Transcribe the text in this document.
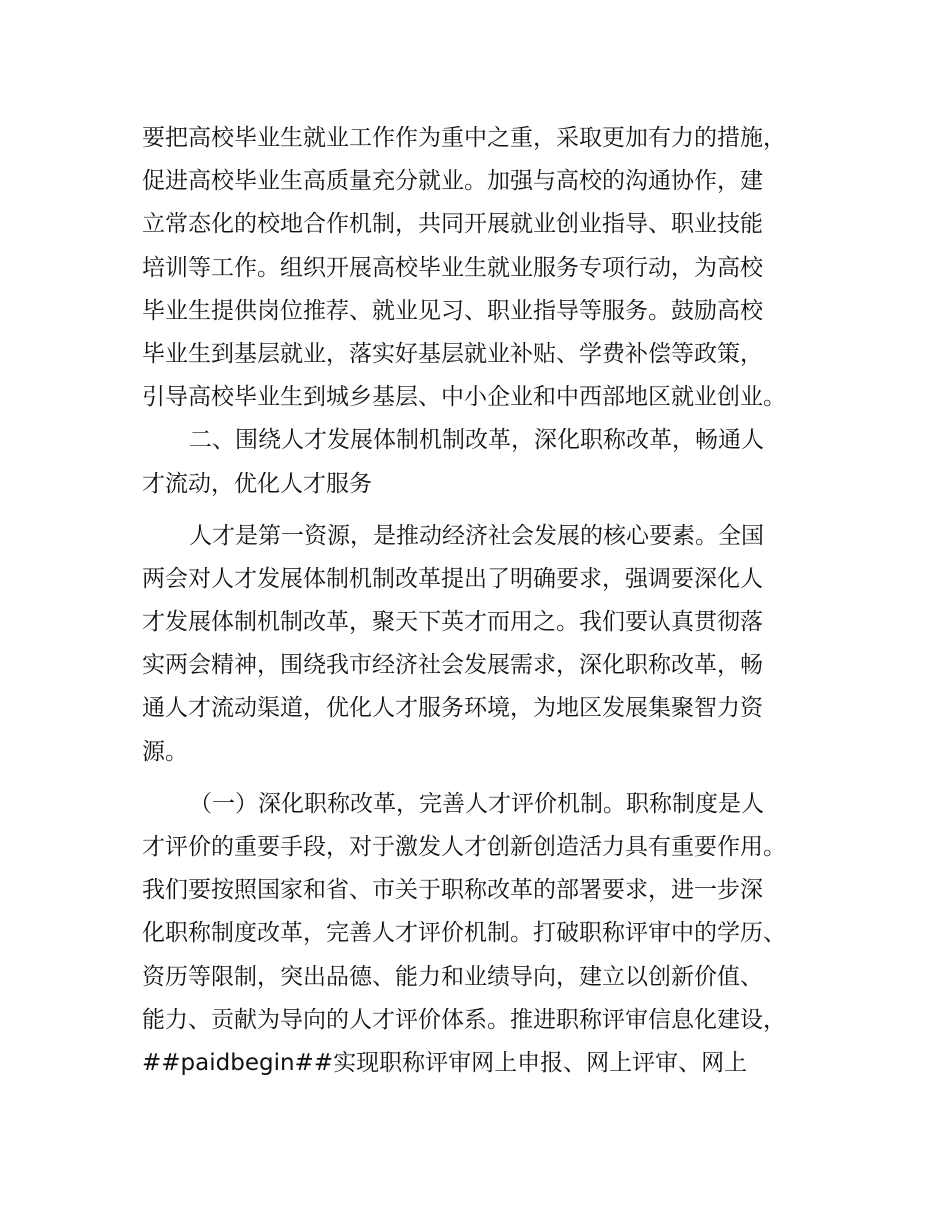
要把高校毕业生就业工作作为重中之重，采取更加有力的措施，
促进高校毕业生高质量充分就业。加强与高校的沟通协作，建
立常态化的校地合作机制，共同开展就业创业指导、职业技能
培训等工作。组织开展高校毕业生就业服务专项行动，为高校
毕业生提供岗位推荐、就业见习、职业指导等服务。鼓励高校
毕业生到基层就业，落实好基层就业补贴、学费补偿等政策，
引导高校毕业生到城乡基层、中小企业和中西部地区就业创业。
二、围绕人才发展体制机制改革，深化职称改革，畅通人
才流动，优化人才服务
人才是第一资源，是推动经济社会发展的核心要素。全国
两会对人才发展体制机制改革提出了明确要求，强调要深化人
才发展体制机制改革，聚天下英才而用之。我们要认真贯彻落
实两会精神，围绕我市经济社会发展需求，深化职称改革，畅
通人才流动渠道，优化人才服务环境，为地区发展集聚智力资
源。
（一）深化职称改革，完善人才评价机制。职称制度是人
才评价的重要手段，对于激发人才创新创造活力具有重要作用。
我们要按照国家和省、市关于职称改革的部署要求，进一步深
化职称制度改革，完善人才评价机制。打破职称评审中的学历、
资历等限制，突出品德、能力和业绩导向，建立以创新价值、
能力、贡献为导向的人才评价体系。推进职称评审信息化建设，
##paidbegin##实现职称评审网上申报、网上评审、网上
